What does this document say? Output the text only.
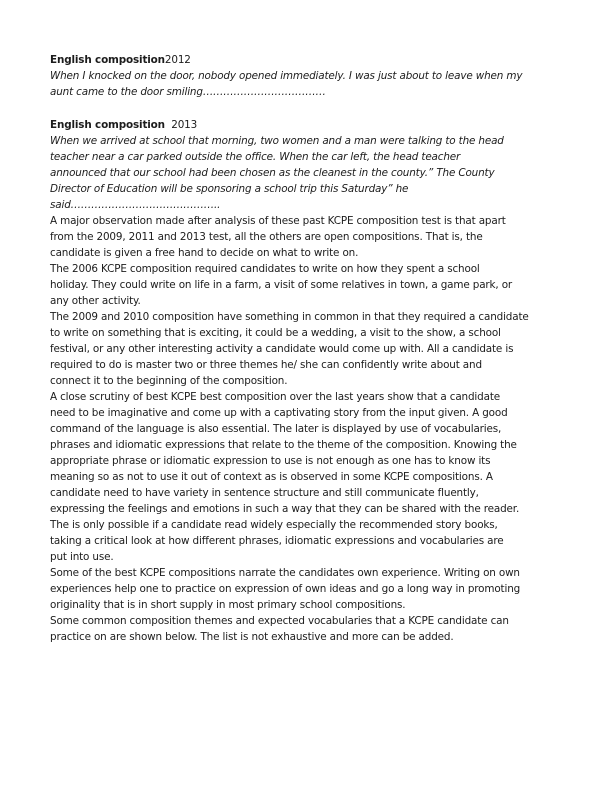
English composition2012
When I knocked on the door, nobody opened immediately. I was just about to leave when my
aunt came to the door smiling………………………………
English composition  2013
When we arrived at school that morning, two women and a man were talking to the head
teacher near a car parked outside the office. When the car left, the head teacher
announced that our school had been chosen as the cleanest in the county.” The County
Director of Education will be sponsoring a school trip this Saturday” he
said……………………………………..
A major observation made after analysis of these past KCPE composition test is that apart
from the 2009, 2011 and 2013 test, all the others are open compositions. That is, the
candidate is given a free hand to decide on what to write on.
The 2006 KCPE composition required candidates to write on how they spent a school
holiday. They could write on life in a farm, a visit of some relatives in town, a game park, or
any other activity.
The 2009 and 2010 composition have something in common in that they required a candidate
to write on something that is exciting, it could be a wedding, a visit to the show, a school
festival, or any other interesting activity a candidate would come up with. All a candidate is
required to do is master two or three themes he/ she can confidently write about and
connect it to the beginning of the composition.
A close scrutiny of best KCPE best composition over the last years show that a candidate
need to be imaginative and come up with a captivating story from the input given. A good
command of the language is also essential. The later is displayed by use of vocabularies,
phrases and idiomatic expressions that relate to the theme of the composition. Knowing the
appropriate phrase or idiomatic expression to use is not enough as one has to know its
meaning so as not to use it out of context as is observed in some KCPE compositions. A
candidate need to have variety in sentence structure and still communicate fluently,
expressing the feelings and emotions in such a way that they can be shared with the reader.
The is only possible if a candidate read widely especially the recommended story books,
taking a critical look at how different phrases, idiomatic expressions and vocabularies are
put into use.
Some of the best KCPE compositions narrate the candidates own experience. Writing on own
experiences help one to practice on expression of own ideas and go a long way in promoting
originality that is in short supply in most primary school compositions.
Some common composition themes and expected vocabularies that a KCPE candidate can
practice on are shown below. The list is not exhaustive and more can be added.
